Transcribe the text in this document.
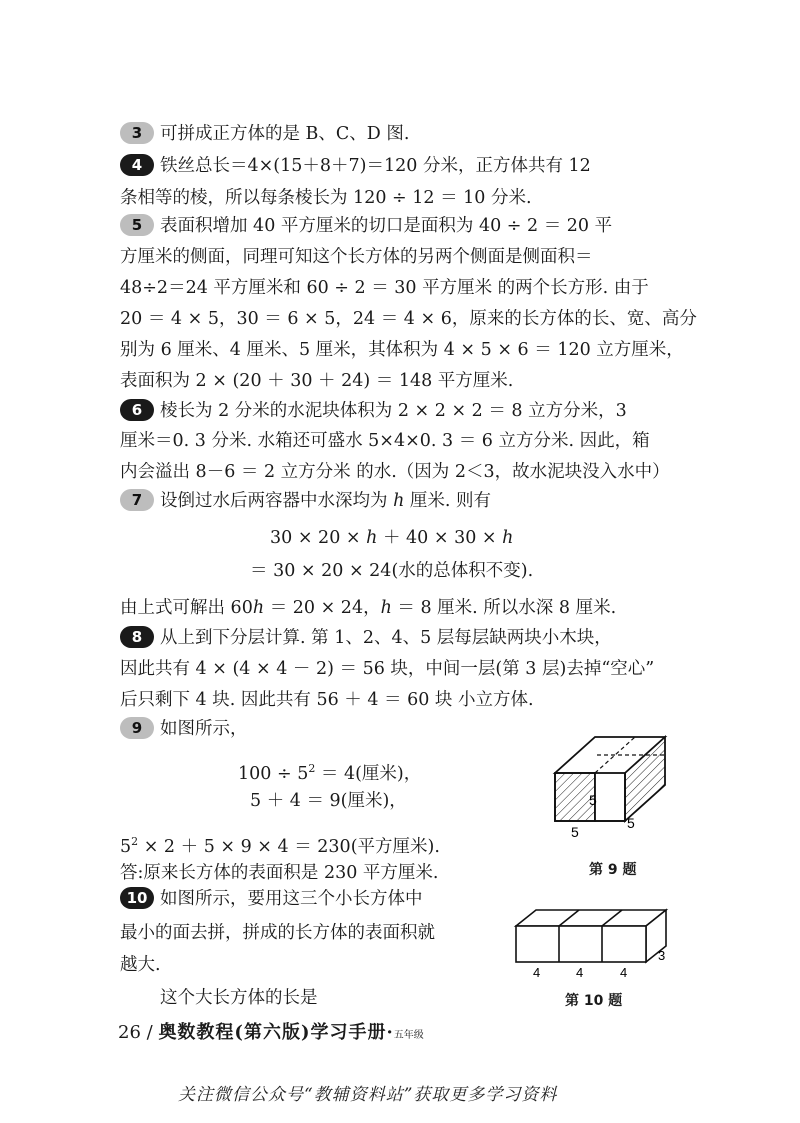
3 可拼成正方体的是 B、C、D 图.
4 铁丝总长＝4×(15＋8＋7)＝120 分米，正方体共有 12
条相等的棱，所以每条棱长为 120 ÷ 12 ＝ 10 分米.
5 表面积增加 40 平方厘米的切口是面积为 40 ÷ 2 ＝ 20 平
方厘米的侧面，同理可知这个长方体的另两个侧面是侧面积＝
48÷2＝24 平方厘米和 60 ÷ 2 ＝ 30 平方厘米 的两个长方形. 由于
20 ＝ 4 × 5，30 ＝ 6 × 5，24 ＝ 4 × 6，原来的长方体的长、宽、高分
别为 6 厘米、4 厘米、5 厘米，其体积为 4 × 5 × 6 ＝ 120 立方厘米，
表面积为 2 × (20 ＋ 30 ＋ 24) ＝ 148 平方厘米.
6 棱长为 2 分米的水泥块体积为 2 × 2 × 2 ＝ 8 立方分米，3
厘米＝0. 3 分米. 水箱还可盛水 5×4×0. 3 ＝ 6 立方分米. 因此，箱
内会溢出 8－6 ＝ 2 立方分米 的水.（因为 2＜3，故水泥块没入水中）
7 设倒过水后两容器中水深均为 h 厘米. 则有
30 × 20 × h ＋ 40 × 30 × h
＝ 30 × 20 × 24(水的总体积不变).
由上式可解出 60h ＝ 20 × 24，h ＝ 8 厘米. 所以水深 8 厘米.
8 从上到下分层计算. 第 1、2、4、5 层每层缺两块小木块，
因此共有 4 × (4 × 4 － 2) ＝ 56 块，中间一层(第 3 层)去掉“空心”
后只剩下 4 块. 因此共有 56 ＋ 4 ＝ 60 块 小立方体.
9 如图所示，
$100 \div 5^2 = 4$(厘米)，
5 ＋ 4 ＝ 9(厘米)，
$5^2 \times 2 + 5 \times 9 \times 4 = 230$(平方厘米).
答:原来长方体的表面积是 230 平方厘米.
5
5
5
第 9 题
10 如图所示，要用这三个小长方体中
最小的面去拼，拼成的长方体的表面积就
越大.
这个大长方体的长是
4	4	4
3
第 10 题
26 / 奥数教程(第六版)学习手册·五年级
关注微信公众号“教辅资料站”获取更多学习资料
